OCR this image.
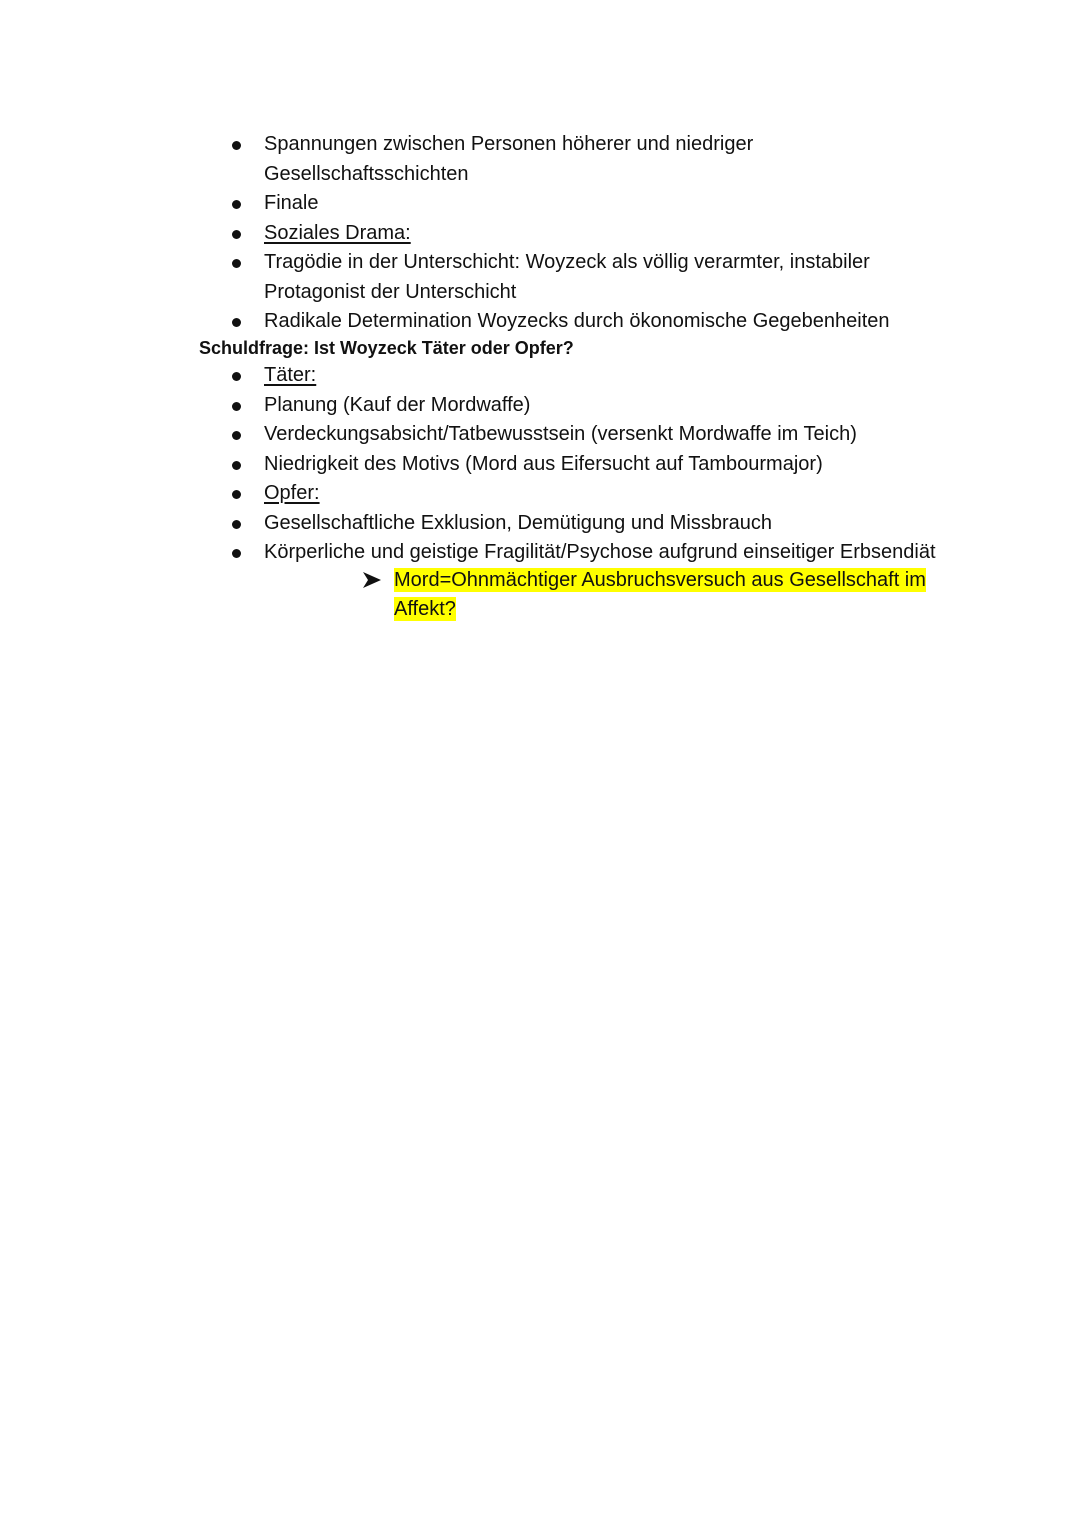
Spannungen zwischen Personen höherer und niedriger
Gesellschaftsschichten
Finale
Soziales Drama:
Tragödie in der Unterschicht: Woyzeck als völlig verarmter, instabiler
Protagonist der Unterschicht
Radikale Determination Woyzecks durch ökonomische Gegebenheiten
Schuldfrage: Ist Woyzeck Täter oder Opfer?
Täter:
Planung (Kauf der Mordwaffe)
Verdeckungsabsicht/Tatbewusstsein (versenkt Mordwaffe im Teich)
Niedrigkeit des Motivs (Mord aus Eifersucht auf Tambourmajor)
Opfer:
Gesellschaftliche Exklusion, Demütigung und Missbrauch
Körperliche und geistige Fragilität/Psychose aufgrund einseitiger Erbsendiät
Mord=Ohnmächtiger Ausbruchsversuch aus Gesellschaft im
Affekt?
